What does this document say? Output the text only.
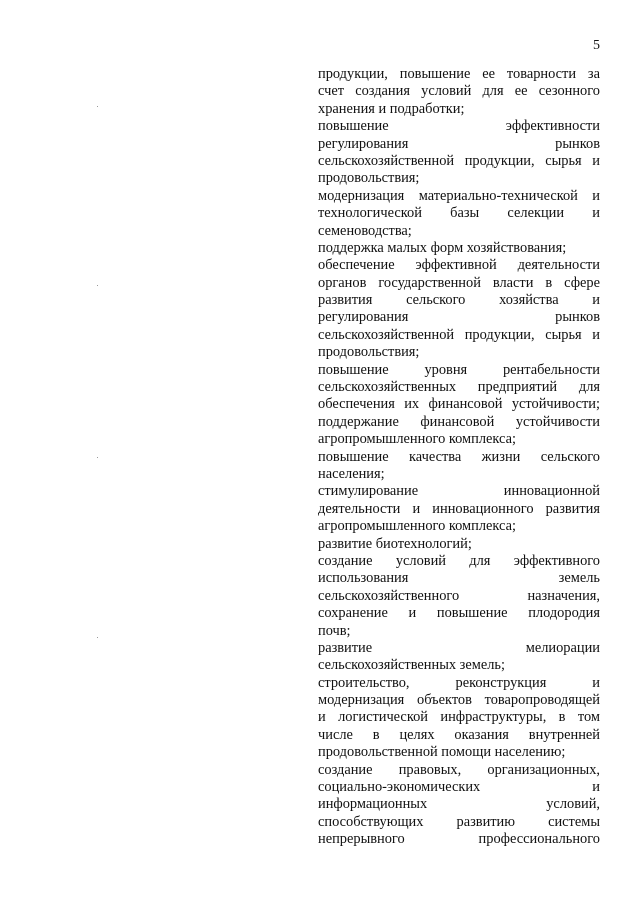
5
продукции, повышение ее товарности за
счет создания условий для ее сезонного
хранения и подработки;
повышение эффективности
регулирования рынков
сельскохозяйственной продукции, сырья и
продовольствия;
модернизация материально-технической и
технологической базы селекции и
семеноводства;
поддержка малых форм хозяйствования;
обеспечение эффективной деятельности
органов государственной власти в сфере
развития сельского хозяйства и
регулирования рынков
сельскохозяйственной продукции, сырья и
продовольствия;
повышение уровня рентабельности
сельскохозяйственных предприятий для
обеспечения их финансовой устойчивости;
поддержание финансовой устойчивости
агропромышленного комплекса;
повышение качества жизни сельского
населения;
стимулирование инновационной
деятельности и инновационного развития
агропромышленного комплекса;
развитие биотехнологий;
создание условий для эффективного
использования земель
сельскохозяйственного назначения,
сохранение и повышение плодородия
почв;
развитие мелиорации
сельскохозяйственных земель;
строительство, реконструкция и
модернизация объектов товаропроводящей
и логистической инфраструктуры, в том
числе в целях оказания внутренней
продовольственной помощи населению;
создание правовых, организационных,
социально-экономических и
информационных условий,
способствующих развитию системы
непрерывного профессионального
